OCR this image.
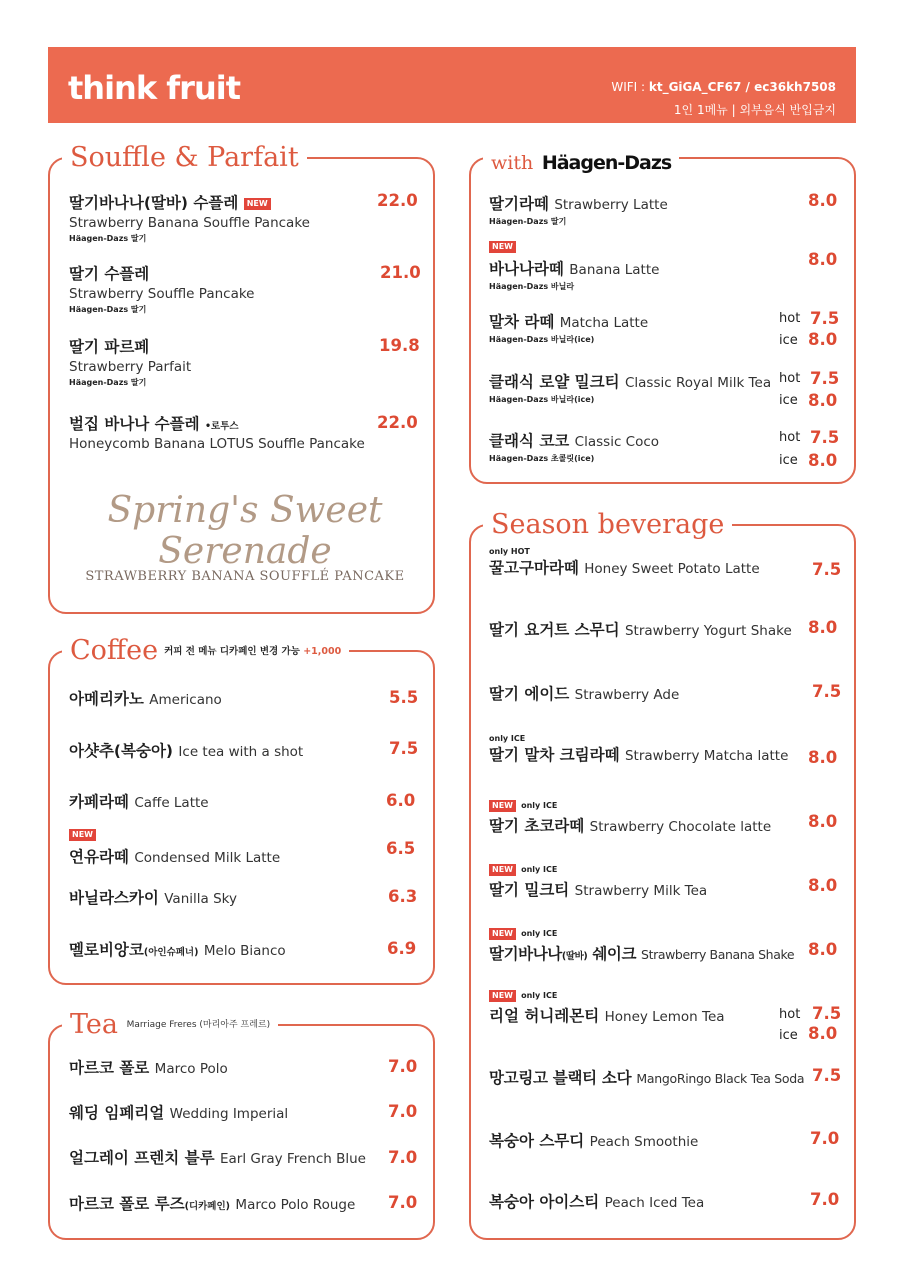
think fruit	WIFI : kt_GiGA_CF67 / ec36kh7508
1인 1메뉴 | 외부음식 반입금지
Souffle & Parfait
딸기바나나(딸바) 수플레 NEW
Strawberry Banana Souffle Pancake
Häagen-Dazs 딸기
22.0
딸기 수플레
Strawberry Souffle Pancake
Häagen-Dazs 딸기
21.0
딸기 파르페
Strawberry Parfait
Häagen-Dazs 딸기
19.8
벌집 바나나 수플레 •로투스
Honeycomb Banana LOTUS Souffle Pancake
22.0
Spring's Sweet Serenade
STRAWBERRY BANANA SOUFFLÉ PANCAKE
Coffee 커피 전 메뉴 디카페인 변경 가능 +1,000
아메리카노 Americano	5.5
아샷추(복숭아) Ice tea with a shot	7.5
카페라떼 Caffe Latte	6.0
NEW
연유라떼 Condensed Milk Latte	6.5
바닐라스카이 Vanilla Sky	6.3
멜로비앙코(아인슈페너) Melo Bianco	6.9
Tea Marriage Freres (마리아주 프레르)
마르코 폴로 Marco Polo	7.0
웨딩 임페리얼 Wedding Imperial	7.0
얼그레이 프렌치 블루 Earl Gray French Blue 7.0
마르코 폴로 루즈(디카페인) Marco Polo Rouge 7.0
with Häagen-Dazs
딸기라떼 Strawberry Latte
Häagen-Dazs 딸기
8.0
NEW
바나나라떼 Banana Latte
Häagen-Dazs 바닐라
8.0
말차 라떼 Matcha Latte
Häagen-Dazs 바닐라(ice)
hot 7.5
ice 8.0
클래식 로얄 밀크티 Classic Royal Milk Tea
Häagen-Dazs 바닐라(ice)
hot 7.5
ice 8.0
클래식 코코 Classic Coco
Häagen-Dazs 초콜릿(ice)
hot 7.5
ice 8.0
Season beverage
only HOT
꿀고구마라떼 Honey Sweet Potato Latte	7.5
딸기 요거트 스무디 Strawberry Yogurt Shake 8.0
딸기 에이드 Strawberry Ade	7.5
only ICE
딸기 말차 크림라떼 Strawberry Matcha latte 8.0
NEW only ICE
딸기 초코라떼 Strawberry Chocolate latte 8.0
NEW only ICE
딸기 밀크티 Strawberry Milk Tea	8.0
NEW only ICE
딸기바나나(딸바) 쉐이크 Strawberry Banana Shake 8.0
NEW only ICE
리얼 허니레몬티 Honey Lemon Tea	hot 7.5
ice 8.0
망고링고 블랙티 소다 MangoRingo Black Tea Soda 7.5
복숭아 스무디 Peach Smoothie	7.0
복숭아 아이스티 Peach Iced Tea	7.0
